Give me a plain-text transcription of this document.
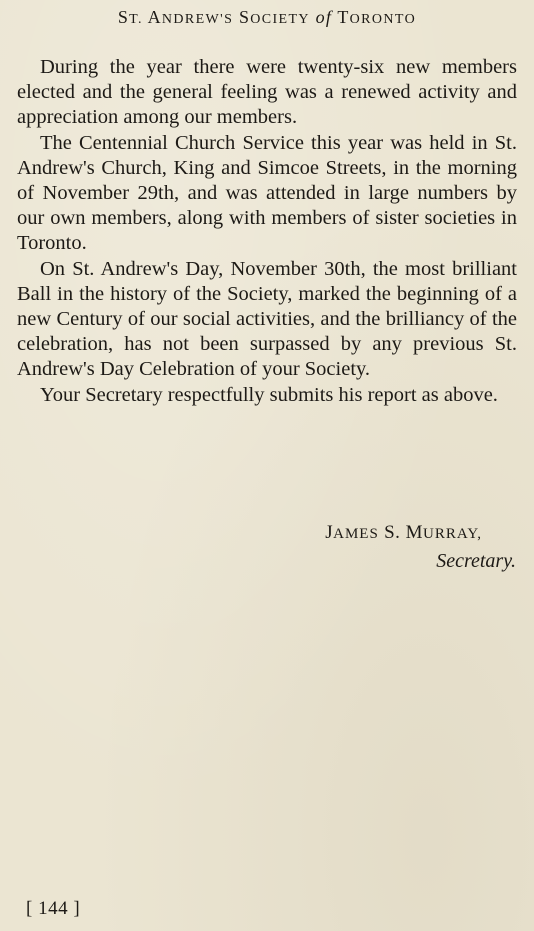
ST. ANDREW'S SOCIETY of TORONTO

During the year there were twenty-six new members elected and the general feeling was a renewed activity and appreciation among our members.

The Centennial Church Service this year was held in St. Andrew's Church, King and Simcoe Streets, in the morning of November 29th, and was attended in large numbers by our own members, along with members of sister societies in Toronto.

On St. Andrew's Day, November 30th, the most brilliant Ball in the history of the Society, marked the beginning of a new Century of our social activities, and the brilliancy of the celebration, has not been surpassed by any previous St. Andrew's Day Celebration of your Society.

Your Secretary respectfully submits his report as above.

JAMES S. MURRAY,
Secretary.
[ 144 ]
